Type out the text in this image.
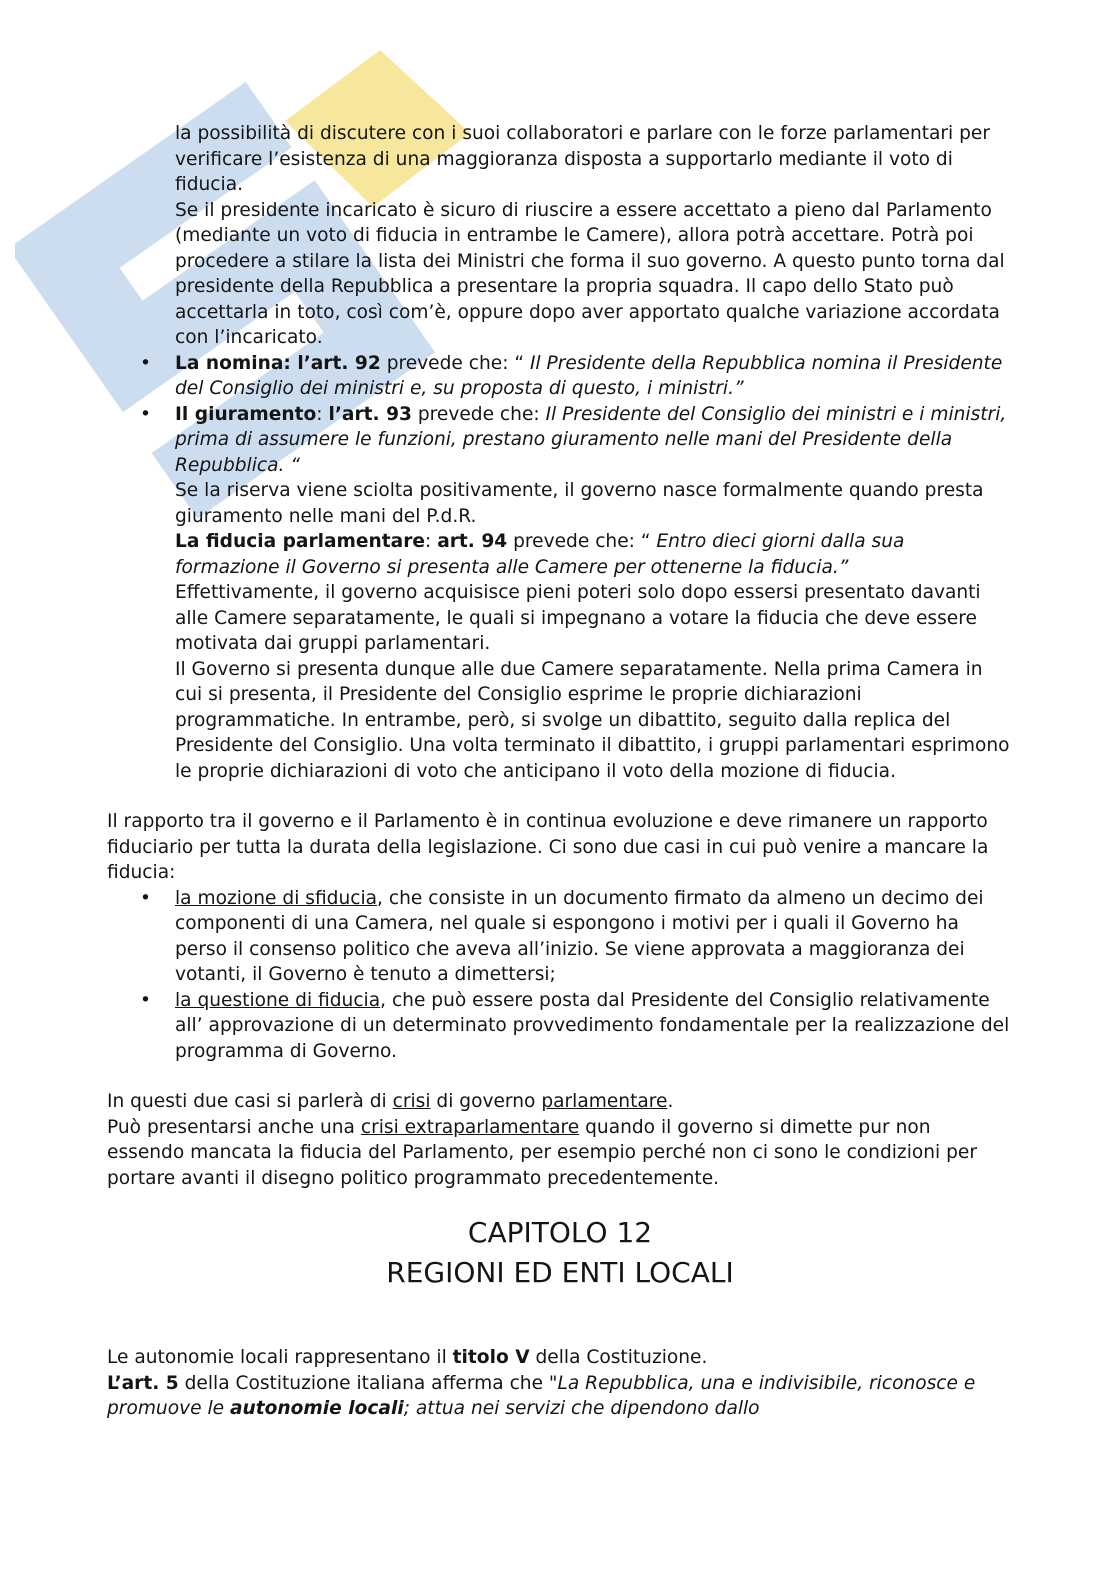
la possibilità di discutere con i suoi collaboratori e parlare con le forze parlamentari per verificare l’esistenza di una maggioranza disposta a supportarlo mediante il voto di fiducia.

Se il presidente incaricato è sicuro di riuscire a essere accettato a pieno dal Parlamento (mediante un voto di fiducia in entrambe le Camere), allora potrà accettare. Potrà poi procedere a stilare la lista dei Ministri che forma il suo governo. A questo punto torna dal presidente della Repubblica a presentare la propria squadra. Il capo dello Stato può accettarla in toto, così com’è, oppure dopo aver apportato qualche variazione accordata con l’incaricato.

•
La nomina: l’art. 92 prevede che: “ Il Presidente della Repubblica nomina il Presidente del Consiglio dei ministri e, su proposta di questo, i ministri.”
•

Il giuramento: l’art. 93 prevede che: Il Presidente del Consiglio dei ministri e i ministri, prima di assumere le funzioni, prestano giuramento nelle mani del Presidente della Repubblica. “

Se la riserva viene sciolta positivamente, il governo nasce formalmente quando presta giuramento nelle mani del P.d.R.

La fiducia parlamentare: art. 94 prevede che: “ Entro dieci giorni dalla sua formazione il Governo si presenta alle Camere per ottenerne la fiducia.”

Effettivamente, il governo acquisisce pieni poteri solo dopo essersi presentato davanti alle Camere separatamente, le quali si impegnano a votare la fiducia che deve essere motivata dai gruppi parlamentari.

Il Governo si presenta dunque alle due Camere separatamente. Nella prima Camera in cui si presenta, il Presidente del Consiglio esprime le proprie dichiarazioni programmatiche. In entrambe, però, si svolge un dibattito, seguito dalla replica del Presidente del Consiglio. Una volta terminato il dibattito, i gruppi parlamentari esprimono le proprie dichiarazioni di voto che anticipano il voto della mozione di fiducia.

Il rapporto tra il governo e il Parlamento è in continua evoluzione e deve rimanere un rapporto fiduciario per tutta la durata della legislazione. Ci sono due casi in cui può venire a mancare la fiducia:

•
la mozione di sfiducia, che consiste in un documento firmato da almeno un decimo dei componenti di una Camera, nel quale si espongono i motivi per i quali il Governo ha perso il consenso politico che aveva all’inizio. Se viene approvata a maggioranza dei votanti, il Governo è tenuto a dimettersi;
•
la questione di fiducia, che può essere posta dal Presidente del Consiglio relativamente all’ approvazione di un determinato provvedimento fondamentale per la realizzazione del programma di Governo.

In questi due casi si parlerà di crisi di governo parlamentare.

Può presentarsi anche una crisi extraparlamentare quando il governo si dimette pur non essendo mancata la fiducia del Parlamento, per esempio perché non ci sono le condizioni per portare avanti il disegno politico programmato precedentemente.

CAPITOLO 12
REGIONI ED ENTI LOCALI

Le autonomie locali rappresentano il titolo V della Costituzione.

L’art. 5 della Costituzione italiana afferma che "La Repubblica, una e indivisibile, riconosce e promuove le autonomie locali; attua nei servizi che dipendono dallo
